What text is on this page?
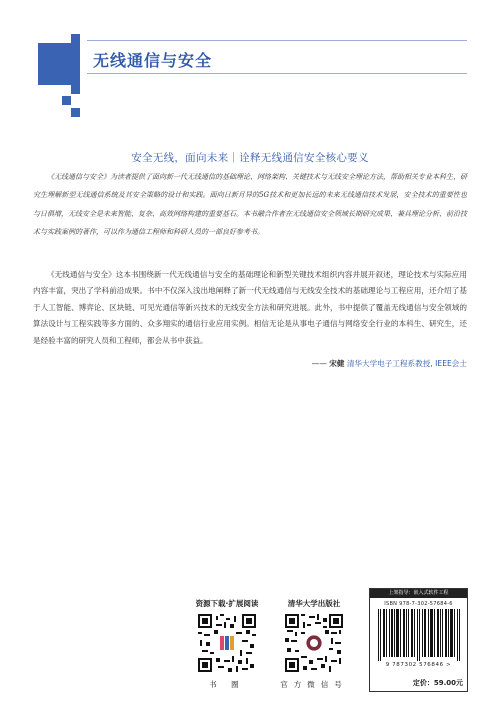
无线通信与安全

安全无线，面向未来｜诠释无线通信安全核心要义

《无线通信与安全》为读者提供了面向新一代无线通信的基础理论、网络架构、关键技术与无线安全理论方法，帮助相关专业本科生、研究生理解新型无线通信系统及其安全策略的设计和实践。面向日新月异的5G技术和更加长远的未来无线通信技术发展，安全技术的重要性也与日俱增，无线安全是未来智能、复杂、高效网络构建的重要基石。本书融合作者在无线通信安全领域长期研究成果、兼具理论分析、前沿技术与实践案例的著作，可以作为通信工程师和科研人员的一部良好参考书。

《无线通信与安全》这本书围绕新一代无线通信与安全的基础理论和新型关键技术组织内容并展开叙述，理论技术与实际应用内容丰富，突出了学科前沿成果。书中不仅深入浅出地阐释了新一代无线通信与无线安全技术的基础理论与工程应用，还介绍了基于人工智能、博弈论、区块链、可见光通信等新兴技术的无线安全方法和研究进展。此外，书中提供了覆盖无线通信与安全领域的算法设计与工程实践等多方面的、众多翔实的通信行业应用实例。相信无论是从事电子通信与网络安全行业的本科生、研究生，还是经验丰富的研究人员和工程师，都会从书中获益。

—— 宋健 清华大学电子工程系教授, IEEE会士
资源下载·扩展阅读
书 圈
清华大学出版社
官方微信号
上架指导：嵌入式软件工程
ISBN 978-7-302-57684-6
9 787302 576846 >
定价：59.00元
